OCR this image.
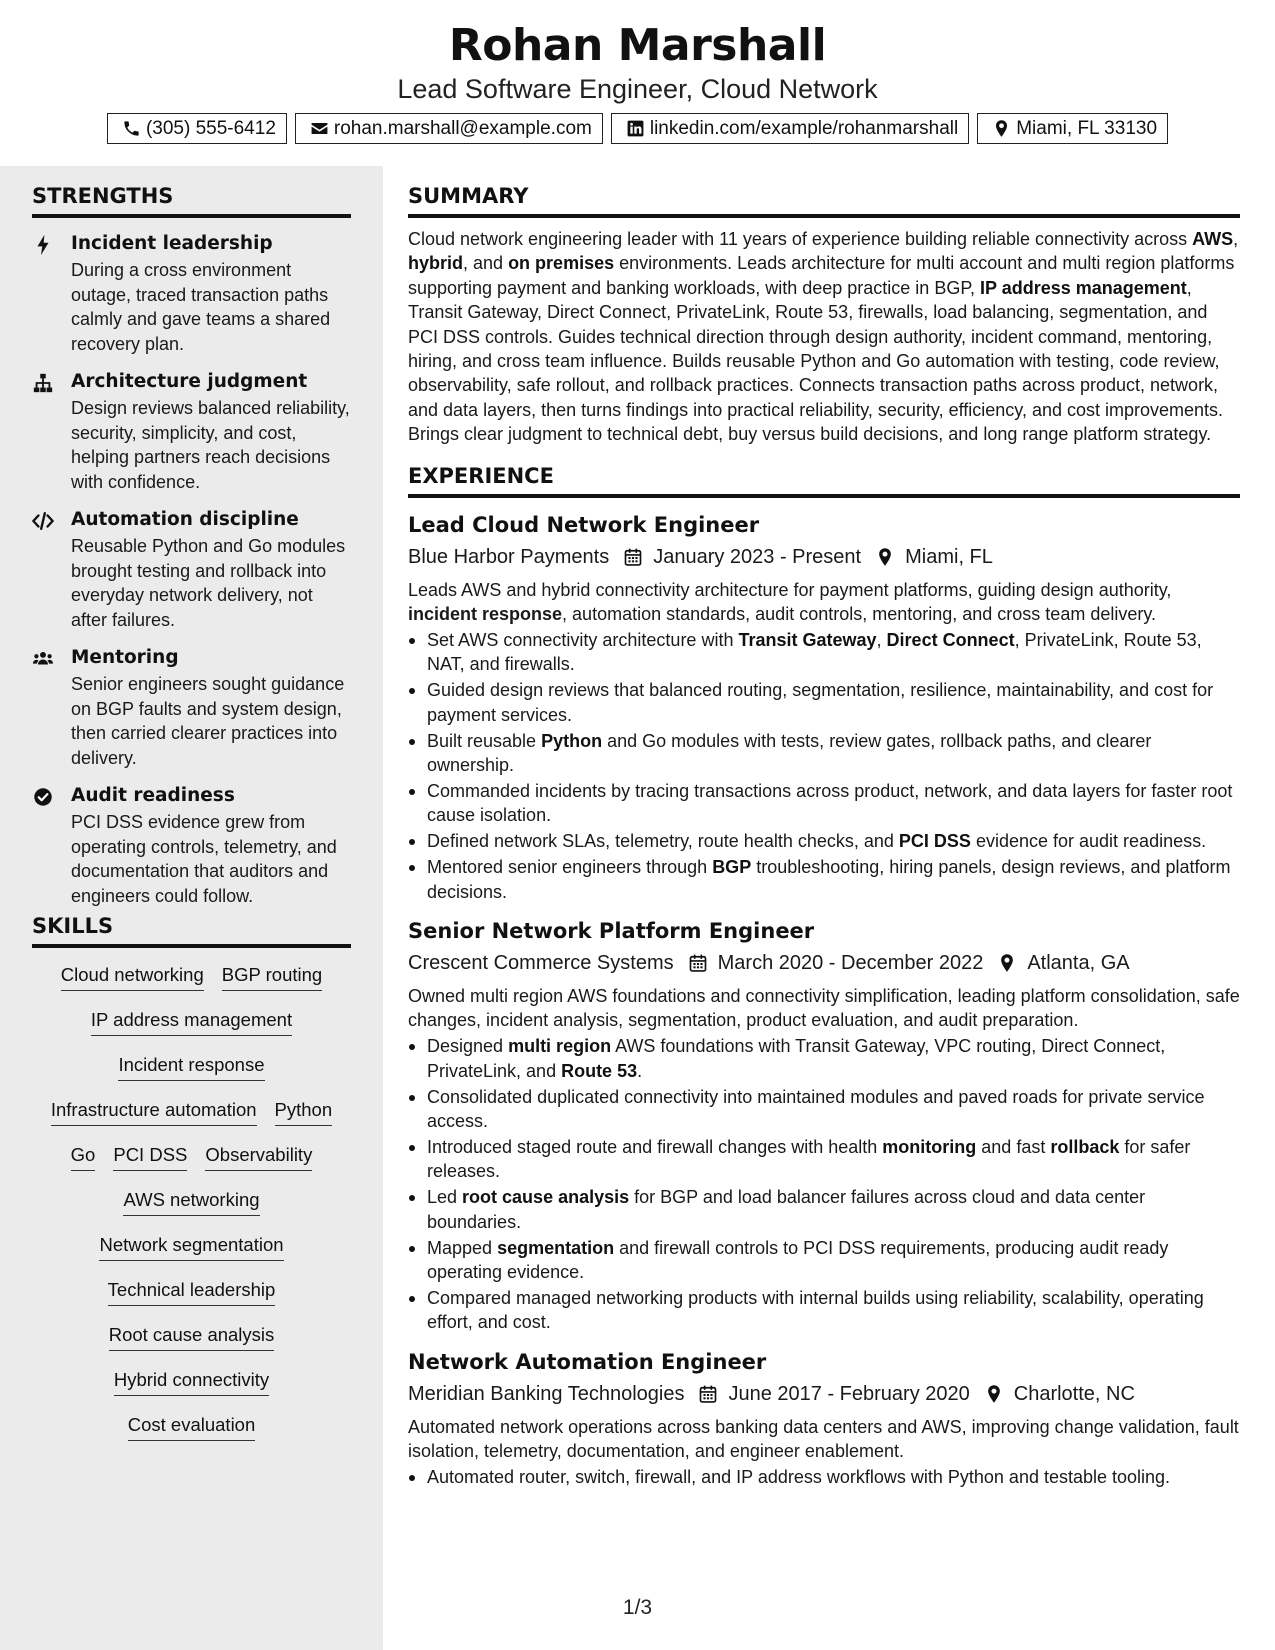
Rohan Marshall
Lead Software Engineer, Cloud Network
(305) 555-6412	rohan.marshall@example.com	linkedin.com/example/rohanmarshall	Miami, FL 33130
STRENGTHS
Incident leadership
During a cross environment outage, traced transaction paths calmly and gave teams a shared recovery plan.
Architecture judgment
Design reviews balanced reliability, security, simplicity, and cost, helping partners reach decisions with confidence.
Automation discipline
Reusable Python and Go modules brought testing and rollback into everyday network delivery, not after failures.
Mentoring
Senior engineers sought guidance on BGP faults and system design, then carried clearer practices into delivery.
Audit readiness
PCI DSS evidence grew from operating controls, telemetry, and documentation that auditors and engineers could follow.
SKILLS
Cloud networking BGP routing
IP address management
Incident response
Infrastructure automation Python
Go PCI DSS Observability
AWS networking
Network segmentation
Technical leadership
Root cause analysis
Hybrid connectivity
Cost evaluation
SUMMARY
Cloud network engineering leader with 11 years of experience building reliable connectivity across AWS, hybrid, and on premises environments. Leads architecture for multi account and multi region platforms supporting payment and banking workloads, with deep practice in BGP, IP address management, Transit Gateway, Direct Connect, PrivateLink, Route 53, firewalls, load balancing, segmentation, and PCI DSS controls. Guides technical direction through design authority, incident command, mentoring, hiring, and cross team influence. Builds reusable Python and Go automation with testing, code review, observability, safe rollout, and rollback practices. Connects transaction paths across product, network, and data layers, then turns findings into practical reliability, security, efficiency, and cost improvements. Brings clear judgment to technical debt, buy versus build decisions, and long range platform strategy.
EXPERIENCE
Lead Cloud Network Engineer
Blue Harbor Payments January 2023 - Present Miami, FL
Leads AWS and hybrid connectivity architecture for payment platforms, guiding design authority, incident response, automation standards, audit controls, mentoring, and cross team delivery.
Set AWS connectivity architecture with Transit Gateway, Direct Connect, PrivateLink, Route 53, NAT, and firewalls.
Guided design reviews that balanced routing, segmentation, resilience, maintainability, and cost for payment services.
Built reusable Python and Go modules with tests, review gates, rollback paths, and clearer ownership.
Commanded incidents by tracing transactions across product, network, and data layers for faster root cause isolation.
Defined network SLAs, telemetry, route health checks, and PCI DSS evidence for audit readiness.
Mentored senior engineers through BGP troubleshooting, hiring panels, design reviews, and platform decisions.
Senior Network Platform Engineer
Crescent Commerce Systems March 2020 - December 2022 Atlanta, GA
Owned multi region AWS foundations and connectivity simplification, leading platform consolidation, safe changes, incident analysis, segmentation, product evaluation, and audit preparation.
Designed multi region AWS foundations with Transit Gateway, VPC routing, Direct Connect, PrivateLink, and Route 53.
Consolidated duplicated connectivity into maintained modules and paved roads for private service access.
Introduced staged route and firewall changes with health monitoring and fast rollback for safer releases.
Led root cause analysis for BGP and load balancer failures across cloud and data center boundaries.
Mapped segmentation and firewall controls to PCI DSS requirements, producing audit ready operating evidence.
Compared managed networking products with internal builds using reliability, scalability, operating effort, and cost.
Network Automation Engineer
Meridian Banking Technologies June 2017 - February 2020 Charlotte, NC
Automated network operations across banking data centers and AWS, improving change validation, fault isolation, telemetry, documentation, and engineer enablement.
Automated router, switch, firewall, and IP address workflows with Python and testable tooling.
1/3
